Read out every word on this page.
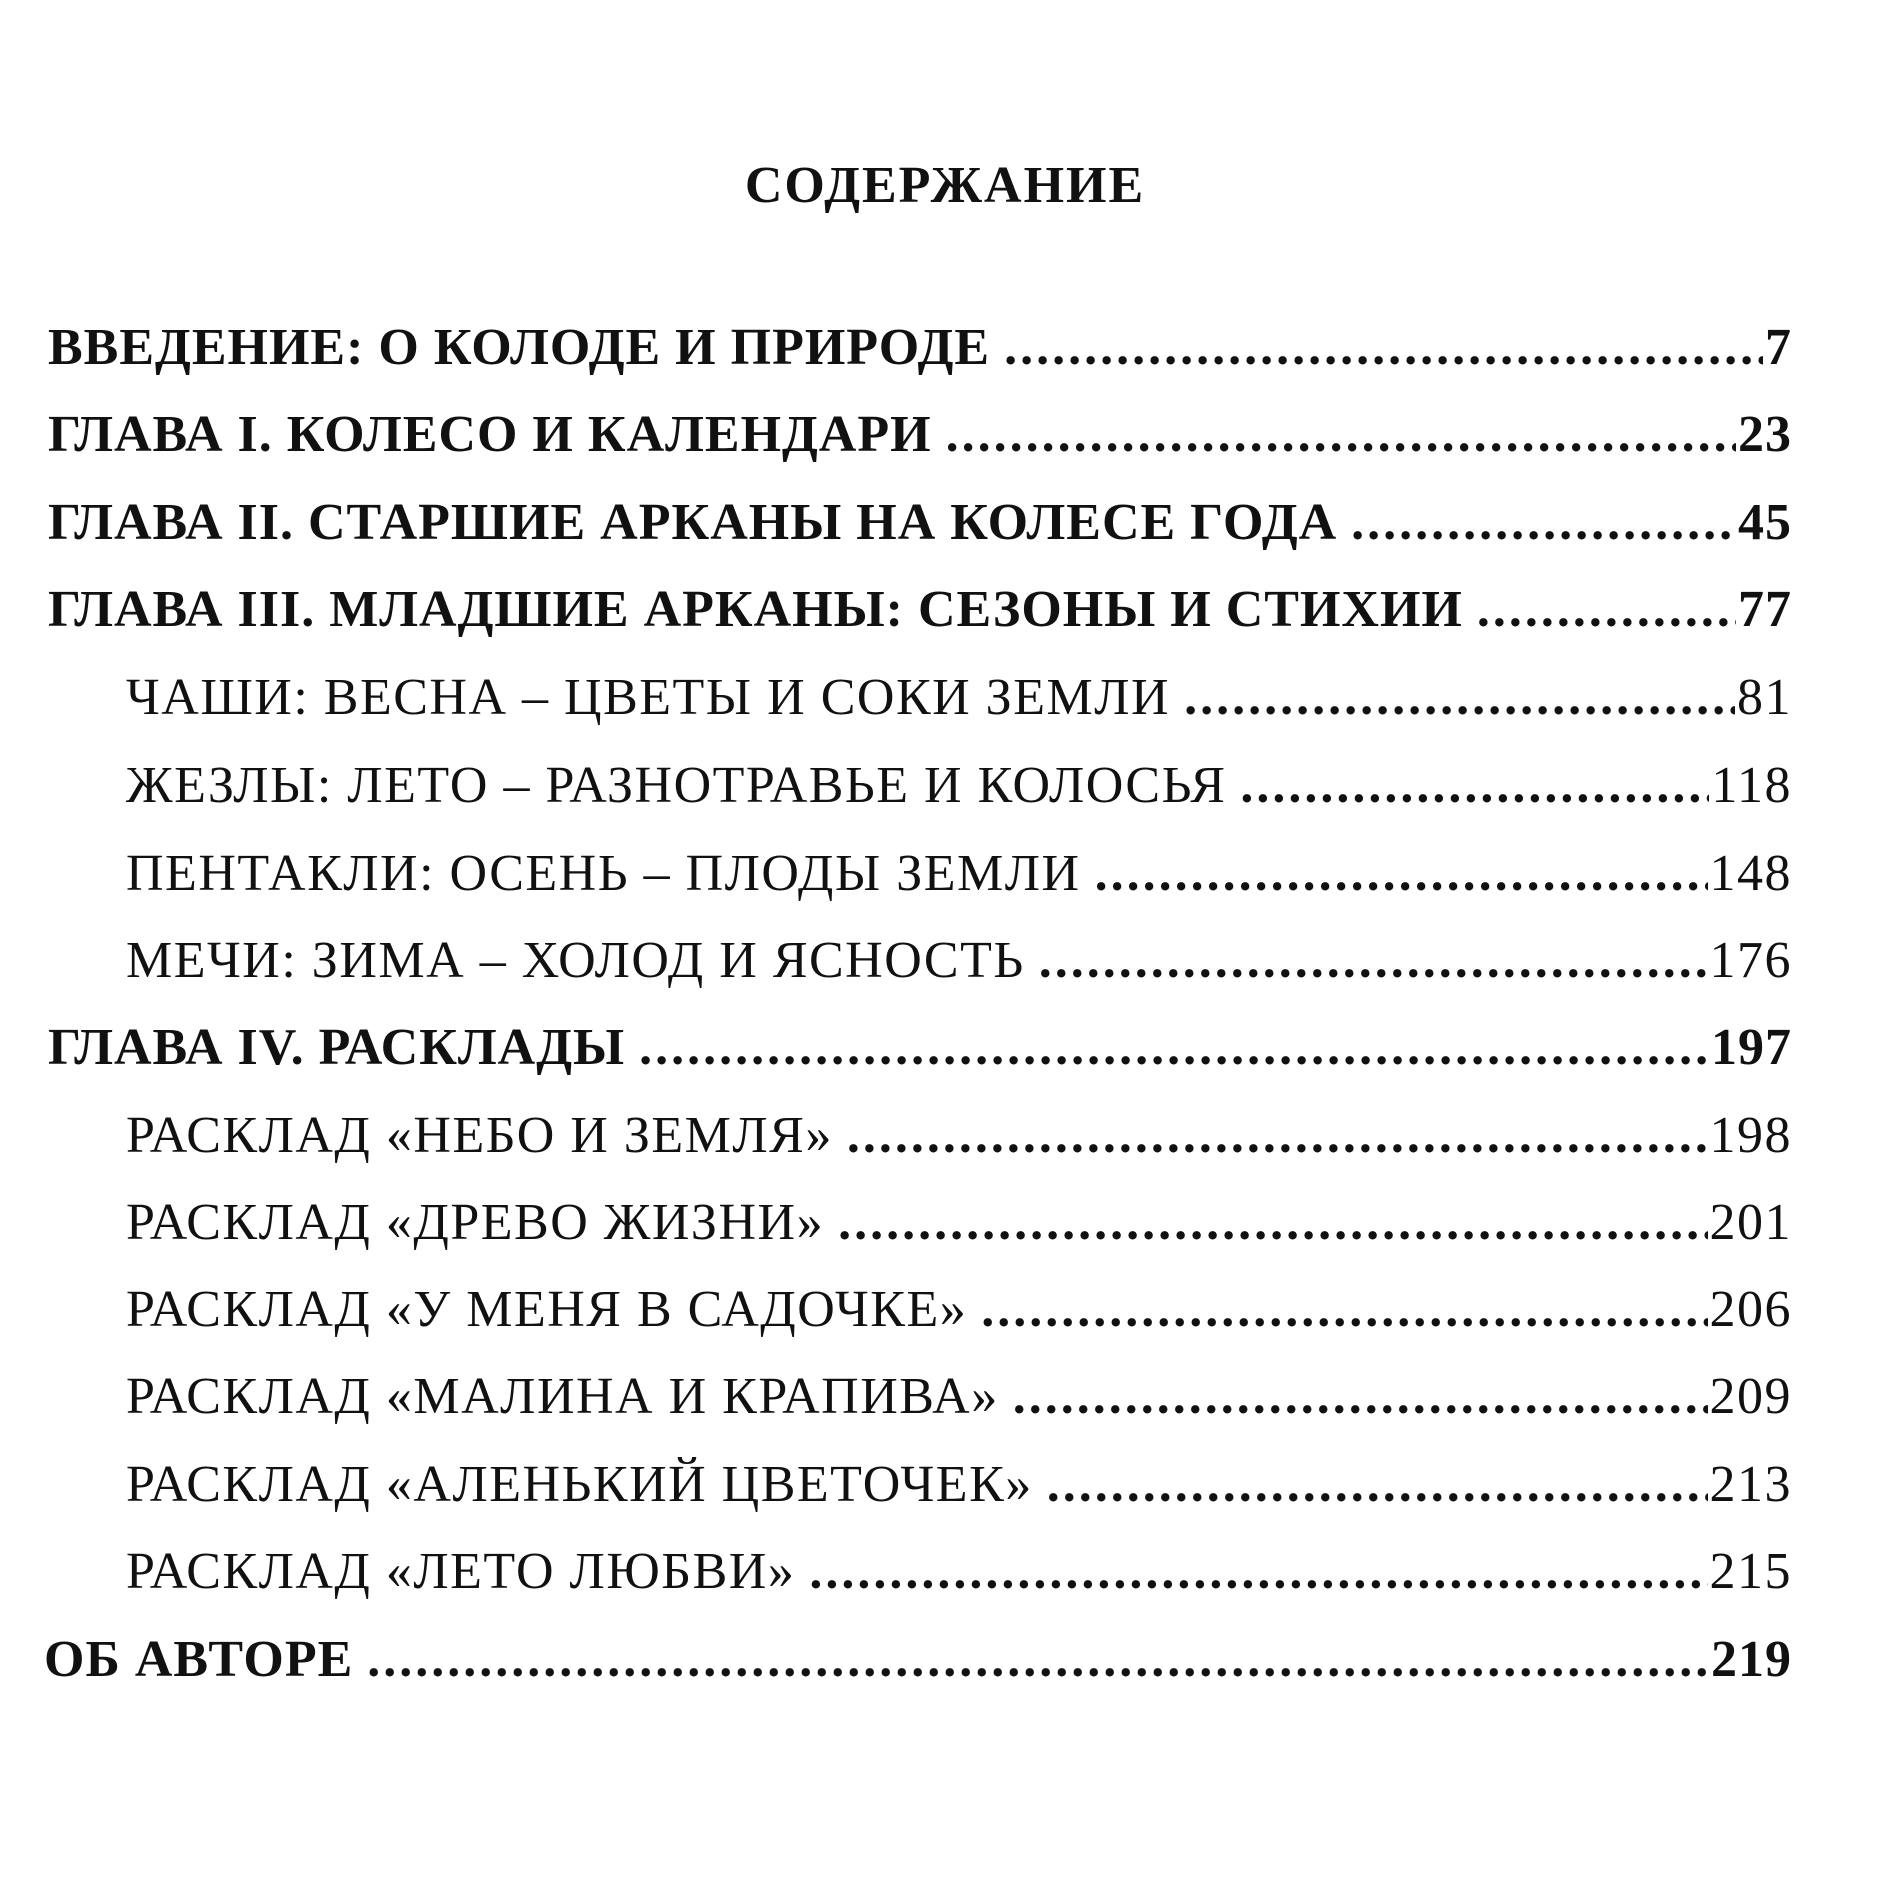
СОДЕРЖАНИЕ
ВВЕДЕНИЕ: О КОЛОДЕ И ПРИРОДЕ .....	7
ГЛАВА I. КОЛЕСО И КАЛЕНДАРИ .....	23
ГЛАВА II. СТАРШИЕ АРКАНЫ НА КОЛЕСЕ ГОДА .....	45
ГЛАВА III. МЛАДШИЕ АРКАНЫ: СЕЗОНЫ И СТИХИИ .....	77
ЧАШИ: ВЕСНА – ЦВЕТЫ И СОКИ ЗЕМЛИ .....	81
ЖЕЗЛЫ: ЛЕТО – РАЗНОТРАВЬЕ И КОЛОСЬЯ .....	118
ПЕНТАКЛИ: ОСЕНЬ – ПЛОДЫ ЗЕМЛИ .....	148
МЕЧИ: ЗИМА – ХОЛОД И ЯСНОСТЬ .....	176
ГЛАВА IV. РАСКЛАДЫ .....	197
РАСКЛАД «НЕБО И ЗЕМЛЯ» .....	198
РАСКЛАД «ДРЕВО ЖИЗНИ» .....	201
РАСКЛАД «У МЕНЯ В САДОЧКЕ» .....	206
РАСКЛАД «МАЛИНА И КРАПИВА» .....	209
РАСКЛАД «АЛЕНЬКИЙ ЦВЕТОЧЕК» .....	213
РАСКЛАД «ЛЕТО ЛЮБВИ» .....	215
ОБ АВТОРЕ .....	219
